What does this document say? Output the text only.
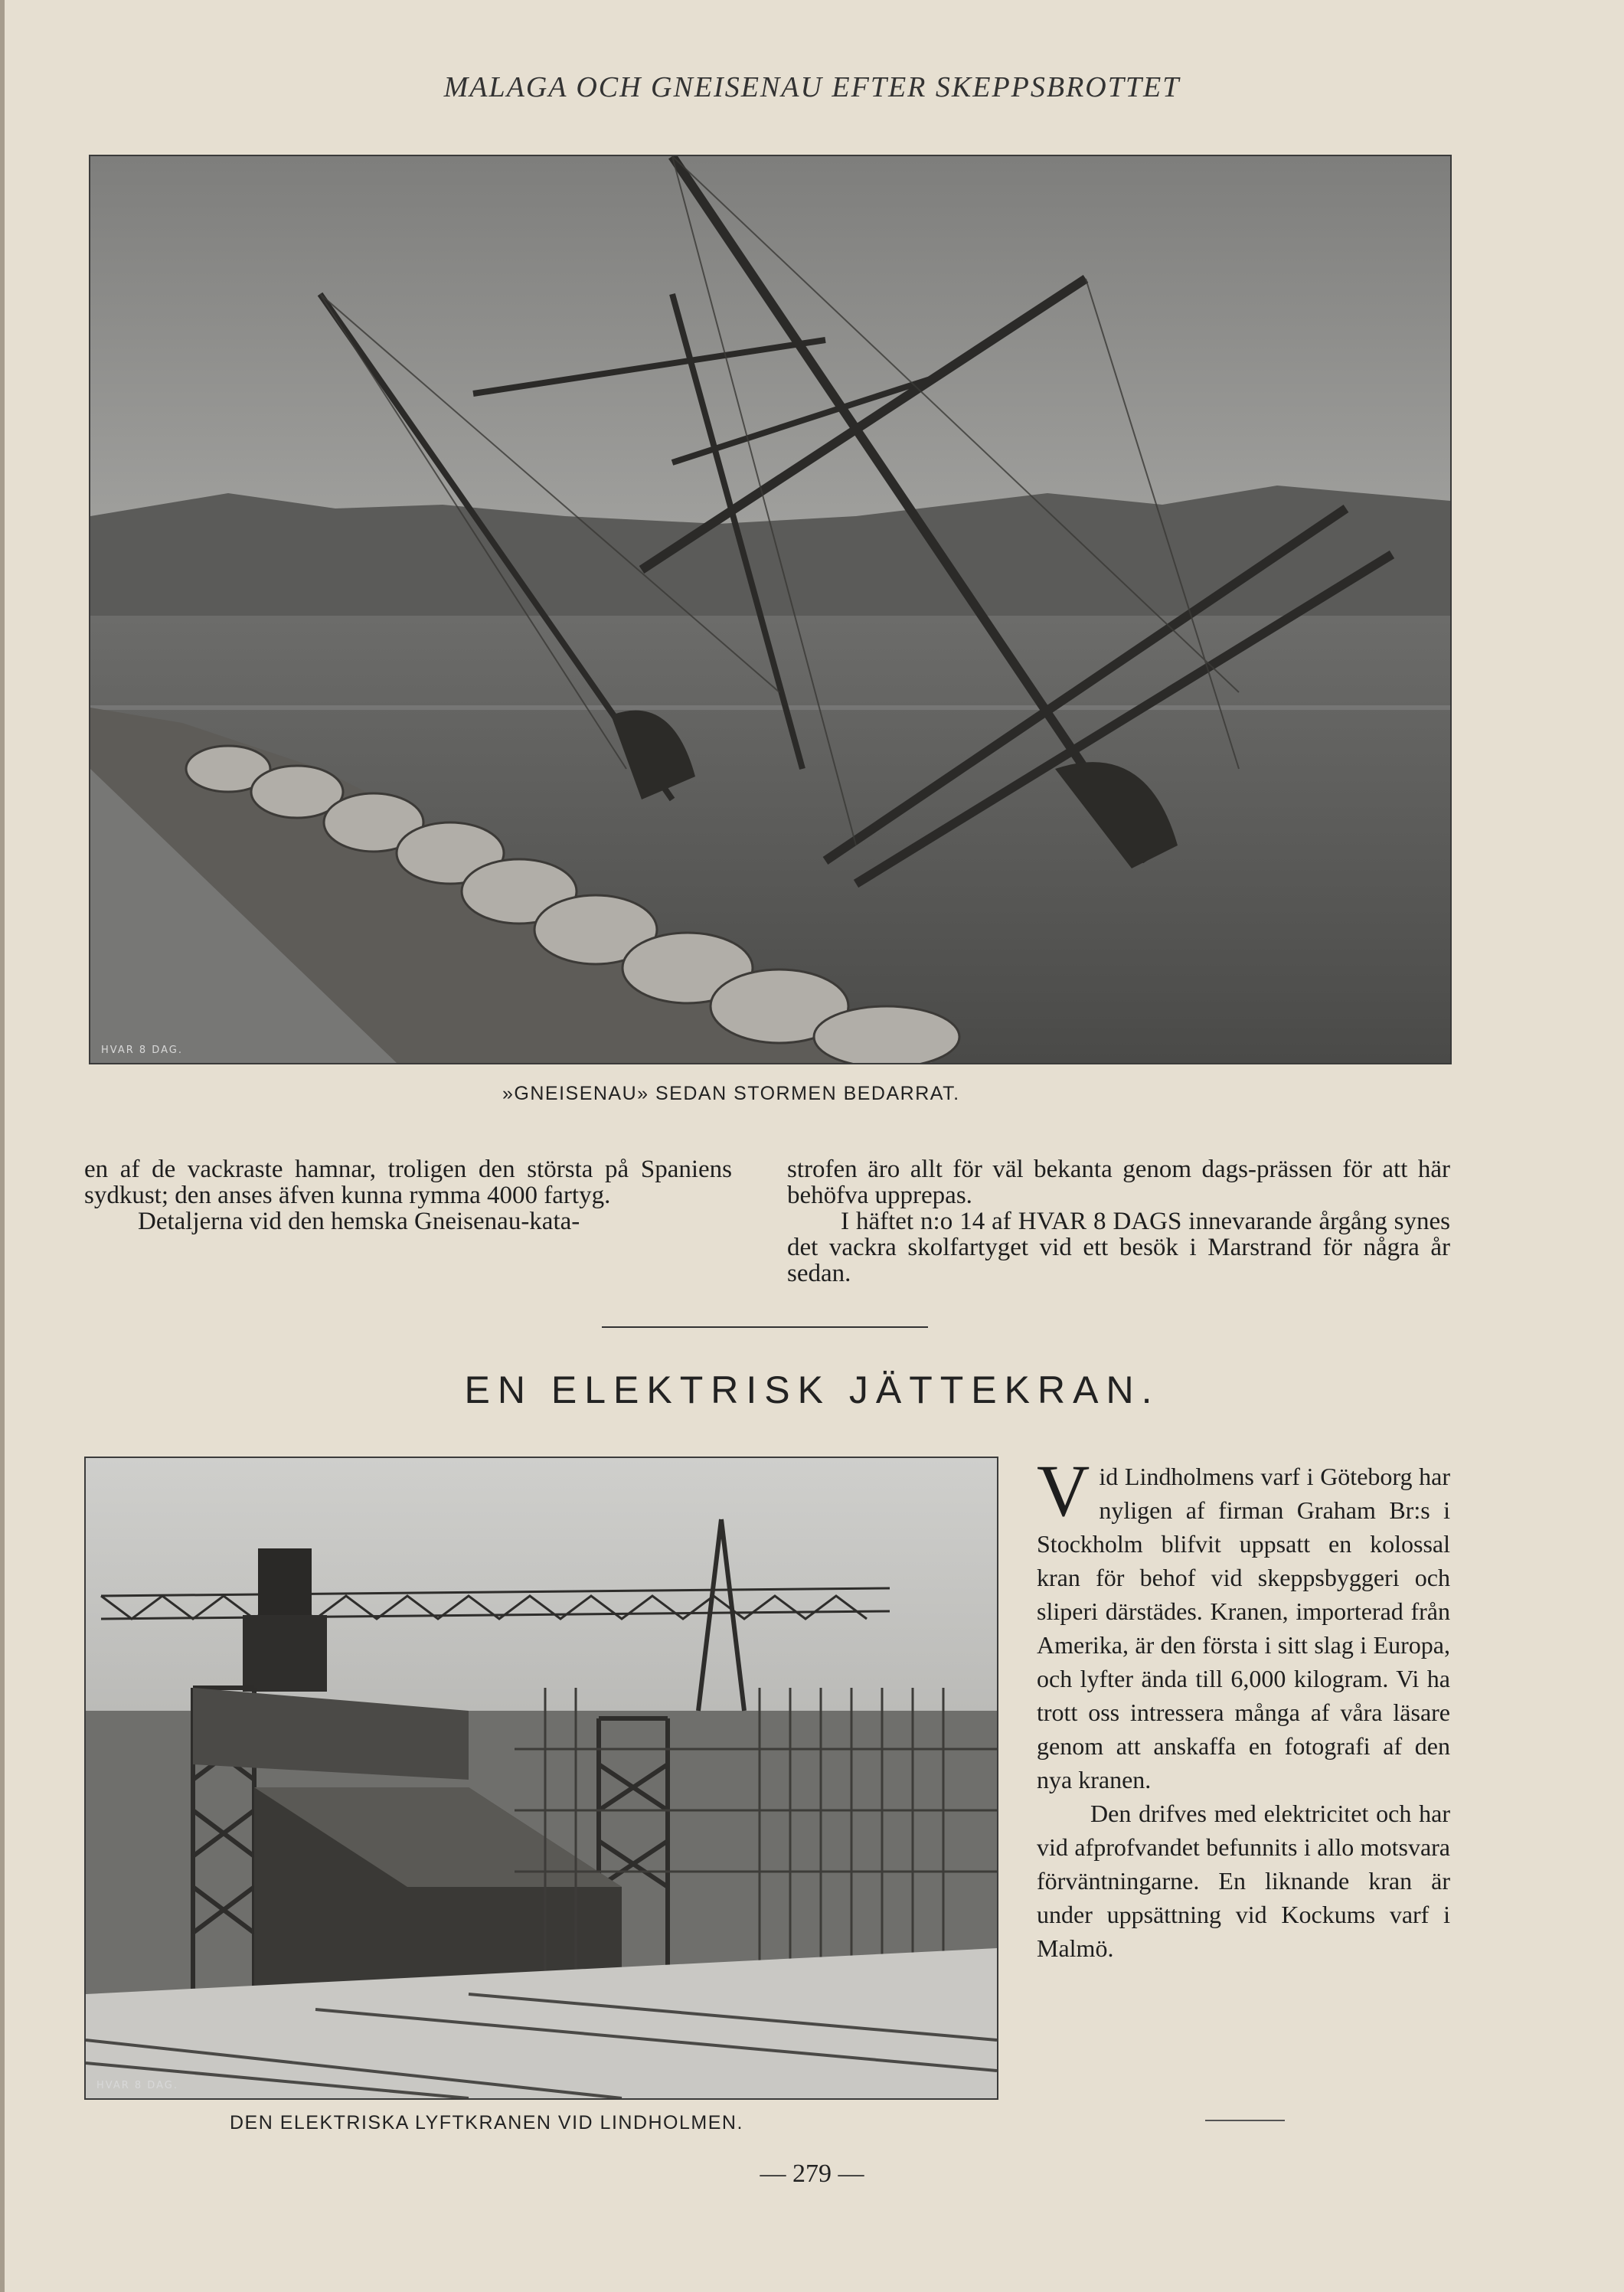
MALAGA OCH GNEISENAU EFTER SKEPPSBROTTET
HVAR 8 DAG.
»GNEISENAU» SEDAN STORMEN BEDARRAT.

en af de vackraste hamnar, troligen den största på Spaniens sydkust; den anses äfven kunna rymma 4000 fartyg.

Detaljerna vid den hemska Gneisenau-kata-

strofen äro allt för väl bekanta genom dags-prässen för att här behöfva upprepas.

I häftet n:o 14 af HVAR 8 DAGS innevarande årgång synes det vackra skolfartyget vid ett besök i Marstrand för några år sedan.

EN ELEKTRISK JÄTTEKRAN.
HVAR 8 DAG.
DEN ELEKTRISKA LYFTKRANEN VID LINDHOLMEN.

Vid Lindholmens varf i Göteborg har nyligen af firman Graham Br:s i Stockholm blifvit uppsatt en kolossal kran för behof vid skeppsbyggeri och sliperi därstädes. Kranen, importerad från Amerika, är den första i sitt slag i Europa, och lyfter ända till 6,000 kilogram. Vi ha trott oss intressera många af våra läsare genom att anskaffa en fotografi af den nya kranen.

Den drifves med elektricitet och har vid afprofvandet befunnits i allo motsvara förväntningarne. En liknande kran är under uppsättning vid Kockums varf i Malmö.

— 279 —
